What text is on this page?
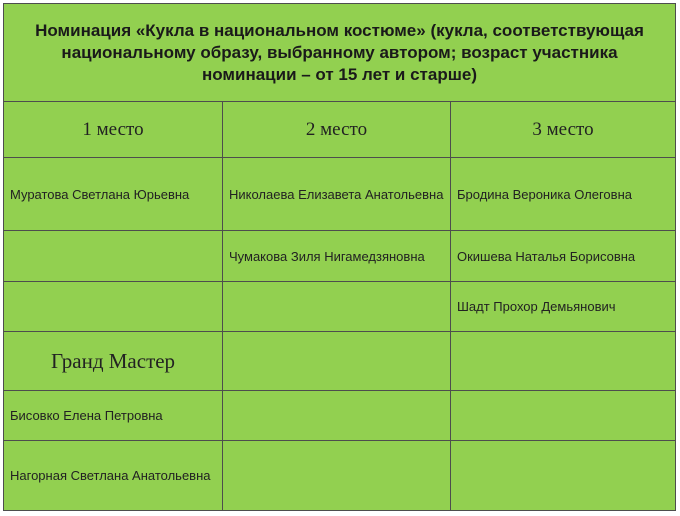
Номинация «Кукла в национальном костюме» (кукла, соответствующая национальному образу, выбранному автором; возраст участника номинации – от 15 лет и старше)		
1 место	2 место	3 место
Муратова Светлана Юрьевна	Николаева Елизавета Анатольевна	Бродина Вероника Олеговна
	Чумакова Зиля Нигамедзяновна	Окишева Наталья Борисовна
		Шадт Прохор Демьянович
Гранд Мастер		
Бисовко Елена Петровна		
Нагорная Светлана Анатольевна		
